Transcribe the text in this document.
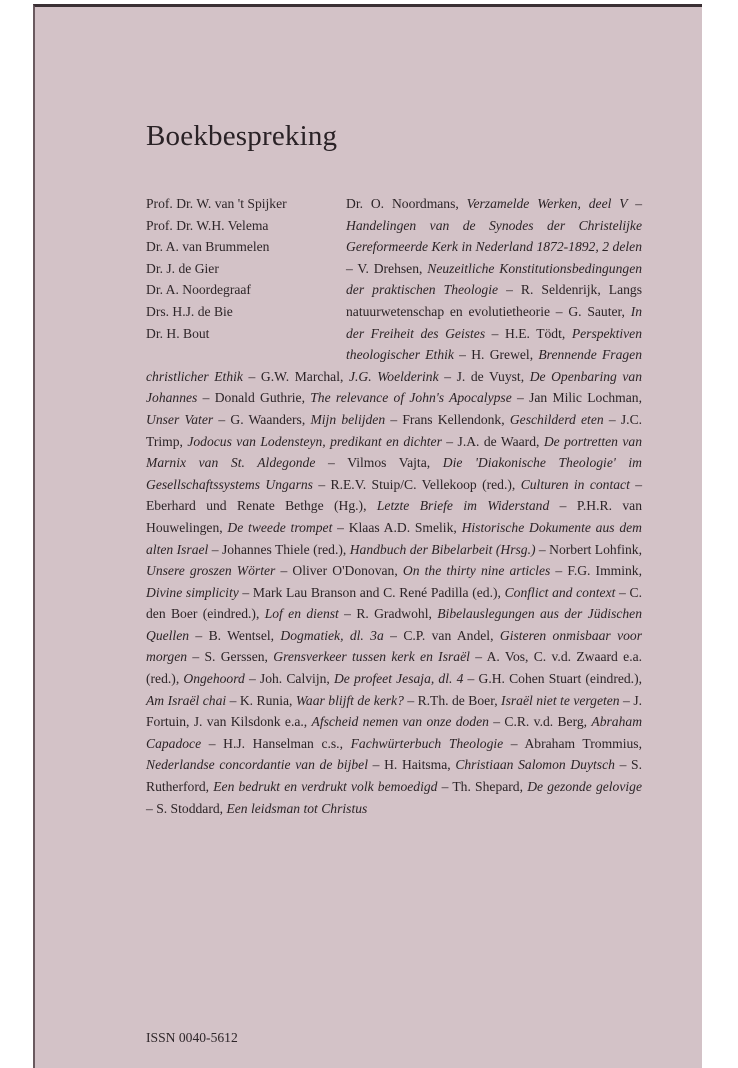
Boekbespreking
Prof. Dr. W. van 't Spijker
Prof. Dr. W.H. Velema
Dr. A. van Brummelen
Dr. J. de Gier
Dr. A. Noordegraaf
Drs. H.J. de Bie
Dr. H. Bout

Dr. O. Noordmans, Verzamelde Werken, deel V – Handelingen van de Synodes der Christelijke Gereformeerde Kerk in Nederland 1872-1892, 2 delen – V. Drehsen, Neuzeitliche Konstitutionsbedingungen der praktischen Theologie – R. Seldenrijk, Langs natuurwetenschap en evolutietheorie – G. Sauter, In der Freiheit des Geistes – H.E. Tödt, Perspektiven theologischer Ethik – H. Grewel, Brennende Fragen christlicher Ethik – G.W. Marchal, J.G. Woelderink – J. de Vuyst, De Openbaring van Johannes – Donald Guthrie, The relevance of John's Apocalypse – Jan Milic Lochman, Unser Vater – G. Waanders, Mijn belijden – Frans Kellendonk, Geschilderd eten – J.C. Trimp, Jodocus van Lodensteyn, predikant en dichter – J.A. de Waard, De portretten van Marnix van St. Aldegonde – Vilmos Vajta, Die 'Diakonische Theologie' im Gesellschaftssystems Ungarns – R.E.V. Stuip/C. Vellekoop (red.), Culturen in contact – Eberhard und Renate Bethge (Hg.), Letzte Briefe im Widerstand – P.H.R. van Houwelingen, De tweede trompet – Klaas A.D. Smelik, Historische Dokumente aus dem alten Israel – Johannes Thiele (red.), Handbuch der Bibelarbeit (Hrsg.) – Norbert Lohfink, Unsere groszen Wörter – Oliver O'Donovan, On the thirty nine articles – F.G. Immink, Divine simplicity – Mark Lau Branson and C. René Padilla (ed.), Conflict and context – C. den Boer (eindred.), Lof en dienst – R. Gradwohl, Bibelauslegungen aus der Jüdischen Quellen – B. Wentsel, Dogmatiek, dl. 3a – C.P. van Andel, Gisteren onmisbaar voor morgen – S. Gerssen, Grensverkeer tussen kerk en Israël – A. Vos, C. v.d. Zwaard e.a. (red.), Ongehoord – Joh. Calvijn, De profeet Jesaja, dl. 4 – G.H. Cohen Stuart (eindred.), Am Israël chai – K. Runia, Waar blijft de kerk? – R.Th. de Boer, Israël niet te vergeten – J. Fortuin, J. van Kilsdonk e.a., Afscheid nemen van onze doden – C.R. v.d. Berg, Abraham Capadoce – H.J. Hanselman c.s., Fachwürterbuch Theologie – Abraham Trommius, Nederlandse concordantie van de bijbel – H. Haitsma, Christiaan Salomon Duytsch – S. Rutherford, Een bedrukt en verdrukt volk bemoedigd – Th. Shepard, De gezonde gelovige – S. Stoddard, Een leidsman tot Christus

ISSN 0040-5612
